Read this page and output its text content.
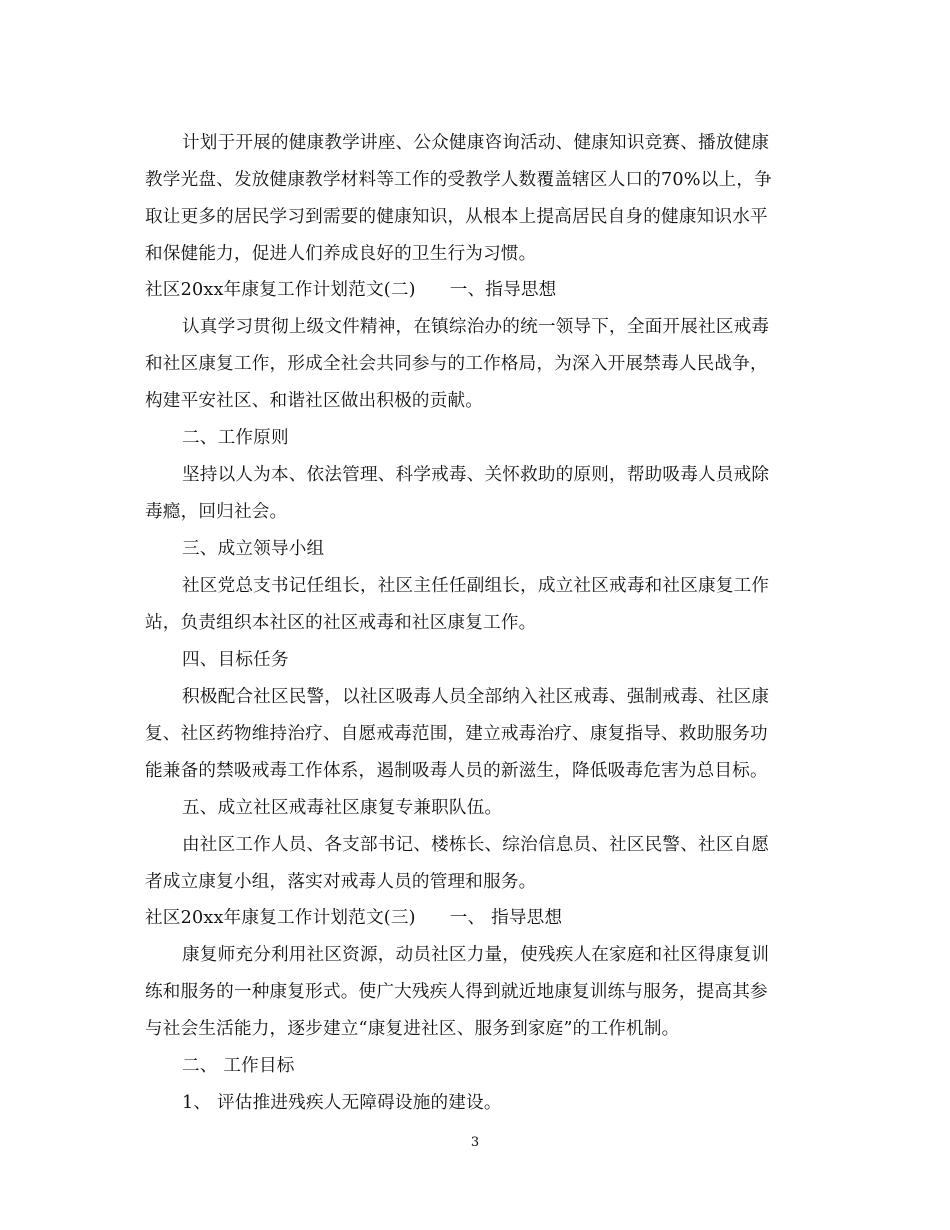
计划于开展的健康教学讲座、公众健康咨询活动、健康知识竞赛、播放健康
教学光盘、发放健康教学材料等工作的受教学人数覆盖辖区人口的70%以上，争
取让更多的居民学习到需要的健康知识，从根本上提高居民自身的健康知识水平
和保健能力，促进人们养成良好的卫生行为习惯。
社区20xx年康复工作计划范文(二) 一、指导思想
认真学习贯彻上级文件精神，在镇综治办的统一领导下，全面开展社区戒毒
和社区康复工作，形成全社会共同参与的工作格局，为深入开展禁毒人民战争，
构建平安社区、和谐社区做出积极的贡献。
二、工作原则
坚持以人为本、依法管理、科学戒毒、关怀救助的原则，帮助吸毒人员戒除
毒瘾，回归社会。
三、成立领导小组
社区党总支书记任组长，社区主任任副组长，成立社区戒毒和社区康复工作
站，负责组织本社区的社区戒毒和社区康复工作。
四、目标任务
积极配合社区民警，以社区吸毒人员全部纳入社区戒毒、强制戒毒、社区康
复、社区药物维持治疗、自愿戒毒范围，建立戒毒治疗、康复指导、救助服务功
能兼备的禁吸戒毒工作体系，遏制吸毒人员的新滋生，降低吸毒危害为总目标。
五、成立社区戒毒社区康复专兼职队伍。
由社区工作人员、各支部书记、楼栋长、综治信息员、社区民警、社区自愿
者成立康复小组，落实对戒毒人员的管理和服务。
社区20xx年康复工作计划范文(三) 一、 指导思想
康复师充分利用社区资源，动员社区力量，使残疾人在家庭和社区得康复训
练和服务的一种康复形式。使广大残疾人得到就近地康复训练与服务，提高其参
与社会生活能力，逐步建立“康复进社区、服务到家庭”的工作机制。
二、 工作目标
1、 评估推进残疾人无障碍设施的建设。
3
